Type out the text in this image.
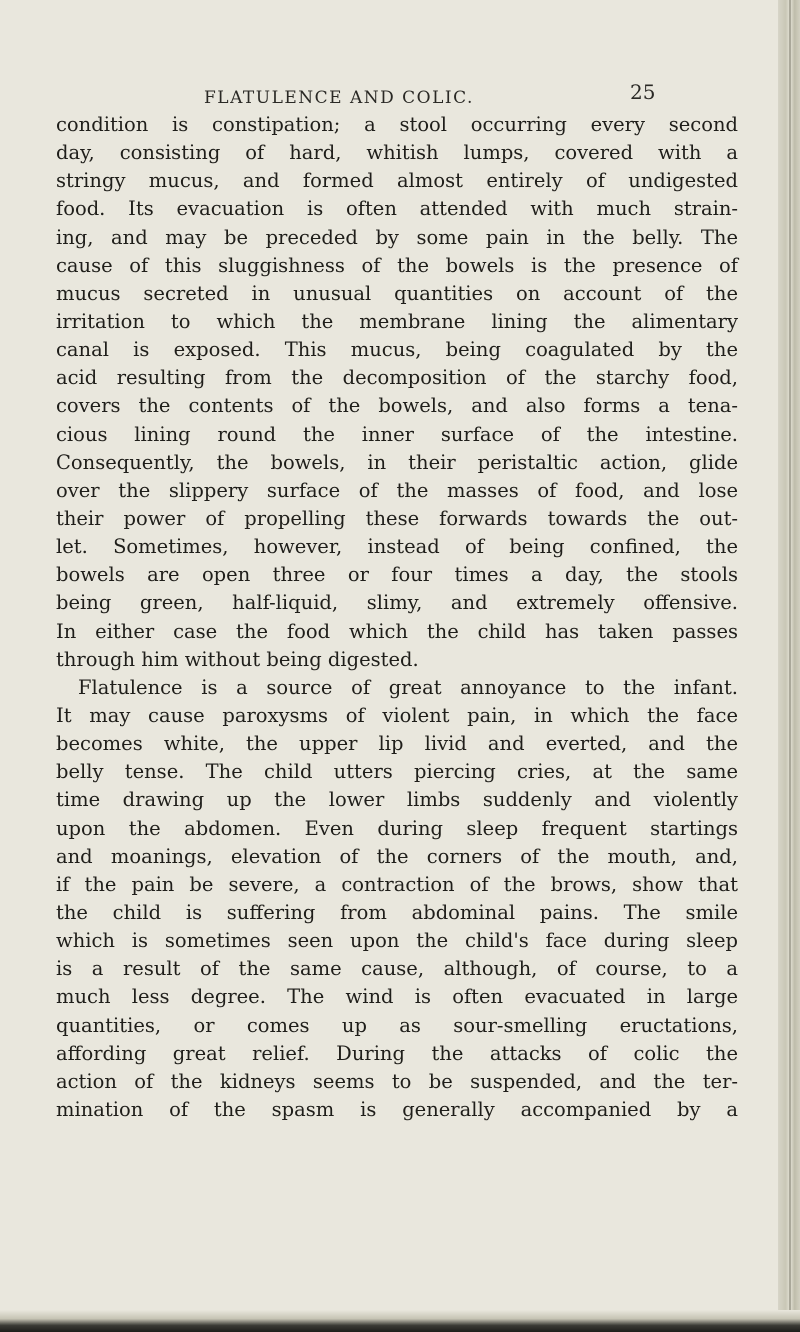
FLATULENCE AND COLIC.	25
condition is constipation; a stool occurring every second
day, consisting of hard, whitish lumps, covered with a
stringy mucus, and formed almost entirely of undigested
food. Its evacuation is often attended with much strain-
ing, and may be preceded by some pain in the belly. The
cause of this sluggishness of the bowels is the presence of
mucus secreted in unusual quantities on account of the
irritation to which the membrane lining the alimentary
canal is exposed. This mucus, being coagulated by the
acid resulting from the decomposition of the starchy food,
covers the contents of the bowels, and also forms a tena-
cious lining round the inner surface of the intestine.
Consequently, the bowels, in their peristaltic action, glide
over the slippery surface of the masses of food, and lose
their power of propelling these forwards towards the out-
let. Sometimes, however, instead of being confined, the
bowels are open three or four times a day, the stools
being green, half-liquid, slimy, and extremely offensive.
In either case the food which the child has taken passes
through him without being digested.
Flatulence is a source of great annoyance to the infant.
It may cause paroxysms of violent pain, in which the face
becomes white, the upper lip livid and everted, and the
belly tense. The child utters piercing cries, at the same
time drawing up the lower limbs suddenly and violently
upon the abdomen. Even during sleep frequent startings
and moanings, elevation of the corners of the mouth, and,
if the pain be severe, a contraction of the brows, show that
the child is suffering from abdominal pains. The smile
which is sometimes seen upon the child's face during sleep
is a result of the same cause, although, of course, to a
much less degree. The wind is often evacuated in large
quantities, or comes up as sour-smelling eructations,
affording great relief. During the attacks of colic the
action of the kidneys seems to be suspended, and the ter-
mination of the spasm is generally accompanied by a
